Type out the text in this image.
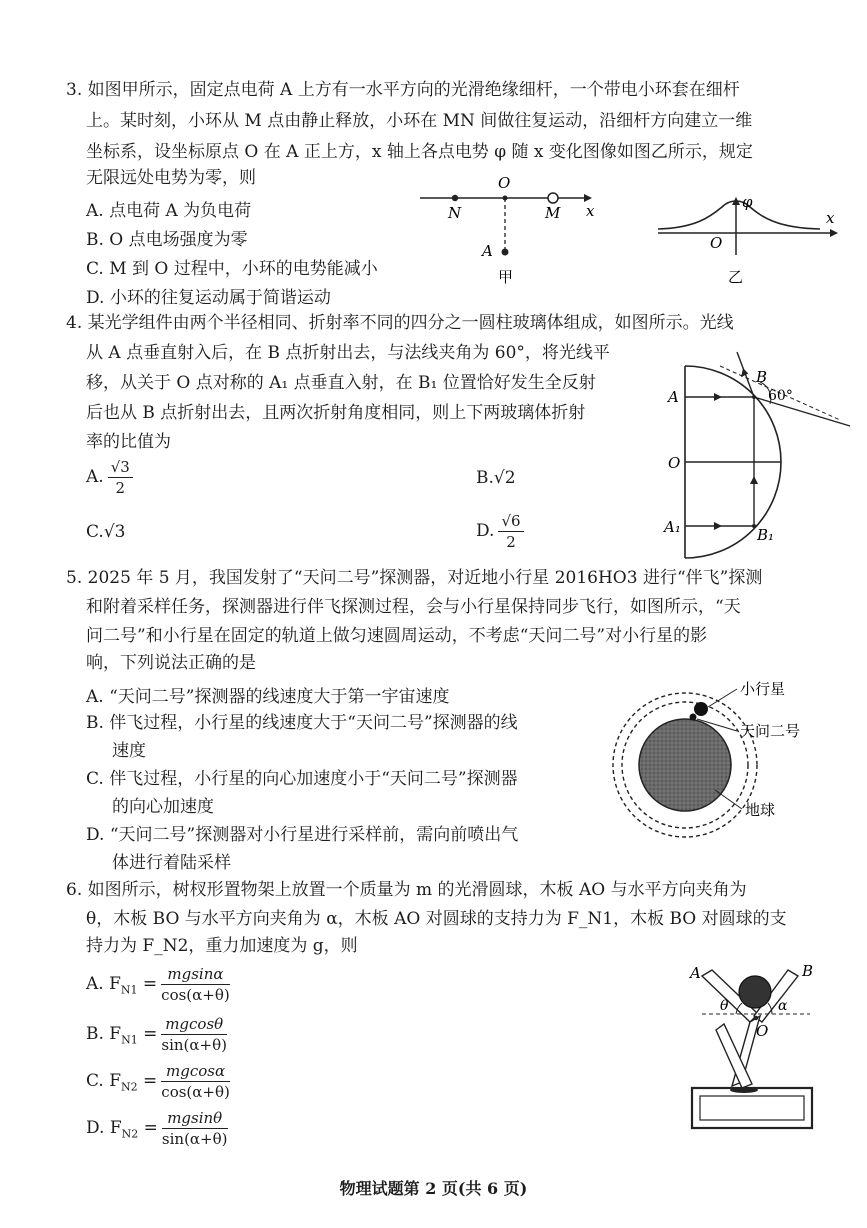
3. 如图甲所示，固定点电荷 A 上方有一水平方向的光滑绝缘细杆，一个带电小环套在细杆
上。某时刻，小环从 M 点由静止释放，小环在 MN 间做往复运动，沿细杆方向建立一维
坐标系，设坐标原点 O 在 A 正上方，x 轴上各点电势 φ 随 x 变化图像如图乙所示，规定
无限远处电势为零，则
A. 点电荷 A 为负电荷
B. O 点电场强度为零
C. M 到 O 过程中，小环的电势能减小
D. 小环的往复运动属于简谐运动
N
O
M x
A
甲
φ
x
O
乙
4. 某光学组件由两个半径相同、折射率不同的四分之一圆柱玻璃体组成，如图所示。光线
从 A 点垂直射入后，在 B 点折射出去，与法线夹角为 60°，将光线平
移，从关于 O 点对称的 A₁ 点垂直入射，在 B₁ 位置恰好发生全反射
后也从 B 点折射出去，且两次折射角度相同，则上下两玻璃体折射
率的比值为
A. $\frac{√3}{2}$	B.√2
C.√3	D. $\frac{√6}{2}$
A
B
60°
O
A₁	B₁
5. 2025 年 5 月，我国发射了“天问二号”探测器，对近地小行星 2016HO3 进行“伴飞”探测
和附着采样任务，探测器进行伴飞探测过程，会与小行星保持同步飞行，如图所示，“天
问二号”和小行星在固定的轨道上做匀速圆周运动，不考虑“天问二号”对小行星的影
响，下列说法正确的是
A. “天问二号”探测器的线速度大于第一宇宙速度
B. 伴飞过程，小行星的线速度大于“天问二号”探测器的线
速度
C. 伴飞过程，小行星的向心加速度小于“天问二号”探测器
的向心加速度
D. “天问二号”探测器对小行星进行采样前，需向前喷出气
体进行着陆采样
小行星
天问二号
地球
6. 如图所示，树杈形置物架上放置一个质量为 m 的光滑圆球，木板 AO 与水平方向夹角为
θ，木板 BO 与水平方向夹角为 α，木板 AO 对圆球的支持力为 F_N1，木板 BO 对圆球的支
持力为 F_N2，重力加速度为 g，则
A. $F_{N1} = \frac{mgsin\alpha}{\cos(\alpha+\theta)}$
B. $F_{N1} = \frac{mgcos\theta}{\sin(\alpha+\theta)}$
C. $F_{N2} = \frac{mgcos\alpha}{\cos(\alpha+\theta)}$
D. $F_{N2} = \frac{mgsin\theta}{\sin(\alpha+\theta)}$
A	B
θ	α
O
物理试题第 2 页(共 6 页)
